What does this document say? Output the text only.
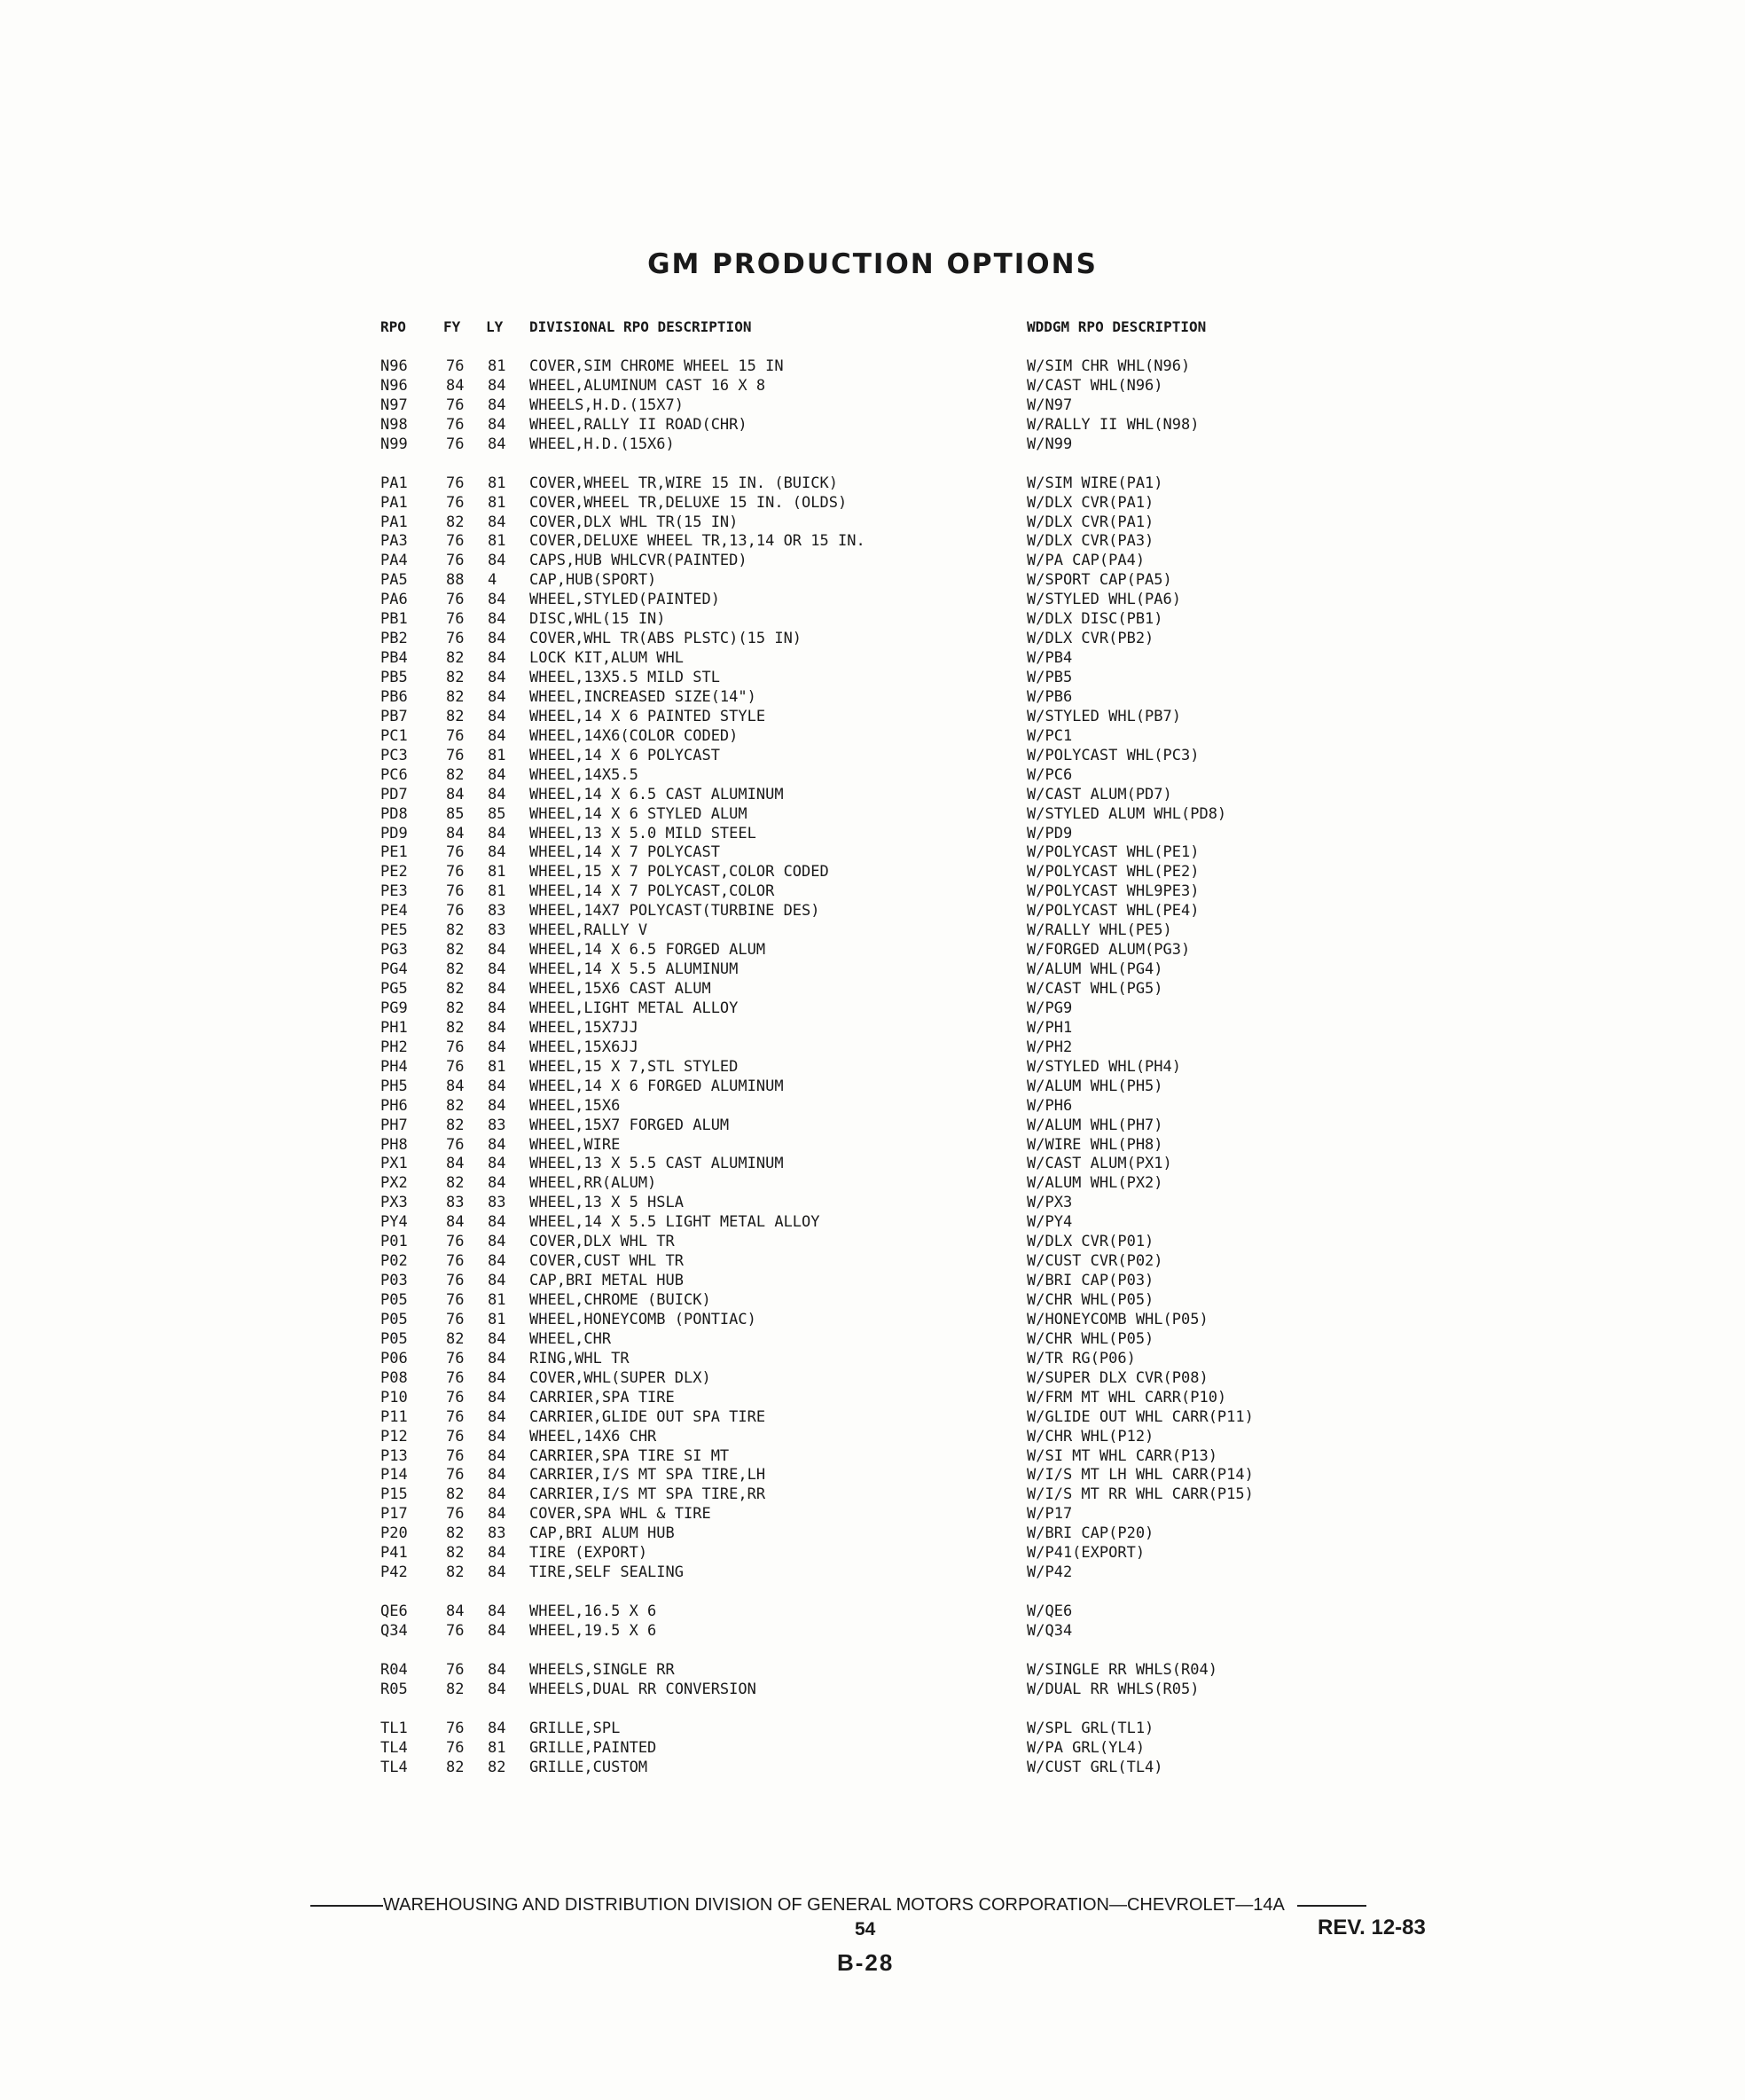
GM PRODUCTION OPTIONS
RPO	FY LY DIVISIONAL RPO DESCRIPTION	WDDGM RPO DESCRIPTION
N96	76 81 COVER,SIM CHROME WHEEL 15 IN	W/SIM CHR WHL(N96)
N96	84 84 WHEEL,ALUMINUM CAST 16 X 8	W/CAST WHL(N96)
N97	76 84 WHEELS,H.D.(15X7)	W/N97
N98	76 84 WHEEL,RALLY II ROAD(CHR)	W/RALLY II WHL(N98)
N99	76 84 WHEEL,H.D.(15X6)	W/N99
PA1	76 81 COVER,WHEEL TR,WIRE 15 IN. (BUICK)	W/SIM WIRE(PA1)
PA1	76 81 COVER,WHEEL TR,DELUXE 15 IN. (OLDS)	W/DLX CVR(PA1)
PA1	82 84 COVER,DLX WHL TR(15 IN)	W/DLX CVR(PA1)
PA3	76 81 COVER,DELUXE WHEEL TR,13,14 OR 15 IN.	W/DLX CVR(PA3)
PA4	76 84 CAPS,HUB WHLCVR(PAINTED)	W/PA CAP(PA4)
PA5	88 4 CAP,HUB(SPORT)	W/SPORT CAP(PA5)
PA6	76 84 WHEEL,STYLED(PAINTED)	W/STYLED WHL(PA6)
PB1	76 84 DISC,WHL(15 IN)	W/DLX DISC(PB1)
PB2	76 84 COVER,WHL TR(ABS PLSTC)(15 IN)	W/DLX CVR(PB2)
PB4	82 84 LOCK KIT,ALUM WHL	W/PB4
PB5	82 84 WHEEL,13X5.5 MILD STL	W/PB5
PB6	82 84 WHEEL,INCREASED SIZE(14")	W/PB6
PB7	82 84 WHEEL,14 X 6 PAINTED STYLE	W/STYLED WHL(PB7)
PC1	76 84 WHEEL,14X6(COLOR CODED)	W/PC1
PC3	76 81 WHEEL,14 X 6 POLYCAST	W/POLYCAST WHL(PC3)
PC6	82 84 WHEEL,14X5.5	W/PC6
PD7	84 84 WHEEL,14 X 6.5 CAST ALUMINUM	W/CAST ALUM(PD7)
PD8	85 85 WHEEL,14 X 6 STYLED ALUM	W/STYLED ALUM WHL(PD8)
PD9	84 84 WHEEL,13 X 5.0 MILD STEEL	W/PD9
PE1	76 84 WHEEL,14 X 7 POLYCAST	W/POLYCAST WHL(PE1)
PE2	76 81 WHEEL,15 X 7 POLYCAST,COLOR CODED	W/POLYCAST WHL(PE2)
PE3	76 81 WHEEL,14 X 7 POLYCAST,COLOR	W/POLYCAST WHL9PE3)
PE4	76 83 WHEEL,14X7 POLYCAST(TURBINE DES)	W/POLYCAST WHL(PE4)
PE5	82 83 WHEEL,RALLY V	W/RALLY WHL(PE5)
PG3	82 84 WHEEL,14 X 6.5 FORGED ALUM	W/FORGED ALUM(PG3)
PG4	82 84 WHEEL,14 X 5.5 ALUMINUM	W/ALUM WHL(PG4)
PG5	82 84 WHEEL,15X6 CAST ALUM	W/CAST WHL(PG5)
PG9	82 84 WHEEL,LIGHT METAL ALLOY	W/PG9
PH1	82 84 WHEEL,15X7JJ	W/PH1
PH2	76 84 WHEEL,15X6JJ	W/PH2
PH4	76 81 WHEEL,15 X 7,STL STYLED	W/STYLED WHL(PH4)
PH5	84 84 WHEEL,14 X 6 FORGED ALUMINUM	W/ALUM WHL(PH5)
PH6	82 84 WHEEL,15X6	W/PH6
PH7	82 83 WHEEL,15X7 FORGED ALUM	W/ALUM WHL(PH7)
PH8	76 84 WHEEL,WIRE	W/WIRE WHL(PH8)
PX1	84 84 WHEEL,13 X 5.5 CAST ALUMINUM	W/CAST ALUM(PX1)
PX2	82 84 WHEEL,RR(ALUM)	W/ALUM WHL(PX2)
PX3	83 83 WHEEL,13 X 5 HSLA	W/PX3
PY4	84 84 WHEEL,14 X 5.5 LIGHT METAL ALLOY	W/PY4
P01	76 84 COVER,DLX WHL TR	W/DLX CVR(P01)
P02	76 84 COVER,CUST WHL TR	W/CUST CVR(P02)
P03	76 84 CAP,BRI METAL HUB	W/BRI CAP(P03)
P05	76 81 WHEEL,CHROME (BUICK)	W/CHR WHL(P05)
P05	76 81 WHEEL,HONEYCOMB (PONTIAC)	W/HONEYCOMB WHL(P05)
P05	82 84 WHEEL,CHR	W/CHR WHL(P05)
P06	76 84 RING,WHL TR	W/TR RG(P06)
P08	76 84 COVER,WHL(SUPER DLX)	W/SUPER DLX CVR(P08)
P10	76 84 CARRIER,SPA TIRE	W/FRM MT WHL CARR(P10)
P11	76 84 CARRIER,GLIDE OUT SPA TIRE	W/GLIDE OUT WHL CARR(P11)
P12	76 84 WHEEL,14X6 CHR	W/CHR WHL(P12)
P13	76 84 CARRIER,SPA TIRE SI MT	W/SI MT WHL CARR(P13)
P14	76 84 CARRIER,I/S MT SPA TIRE,LH	W/I/S MT LH WHL CARR(P14)
P15	82 84 CARRIER,I/S MT SPA TIRE,RR	W/I/S MT RR WHL CARR(P15)
P17	76 84 COVER,SPA WHL & TIRE	W/P17
P20	82 83 CAP,BRI ALUM HUB	W/BRI CAP(P20)
P41	82 84 TIRE (EXPORT)	W/P41(EXPORT)
P42	82 84 TIRE,SELF SEALING	W/P42
QE6	84 84 WHEEL,16.5 X 6	W/QE6
Q34	76 84 WHEEL,19.5 X 6	W/Q34
R04	76 84 WHEELS,SINGLE RR	W/SINGLE RR WHLS(R04)
R05	82 84 WHEELS,DUAL RR CONVERSION	W/DUAL RR WHLS(R05)
TL1	76 84 GRILLE,SPL	W/SPL GRL(TL1)
TL4	76 81 GRILLE,PAINTED	W/PA GRL(YL4)
TL4	82 82 GRILLE,CUSTOM	W/CUST GRL(TL4)
WAREHOUSING AND DISTRIBUTION DIVISION OF GENERAL MOTORS CORPORATION—CHEVROLET—14A
54	REV. 12-83
B-28
